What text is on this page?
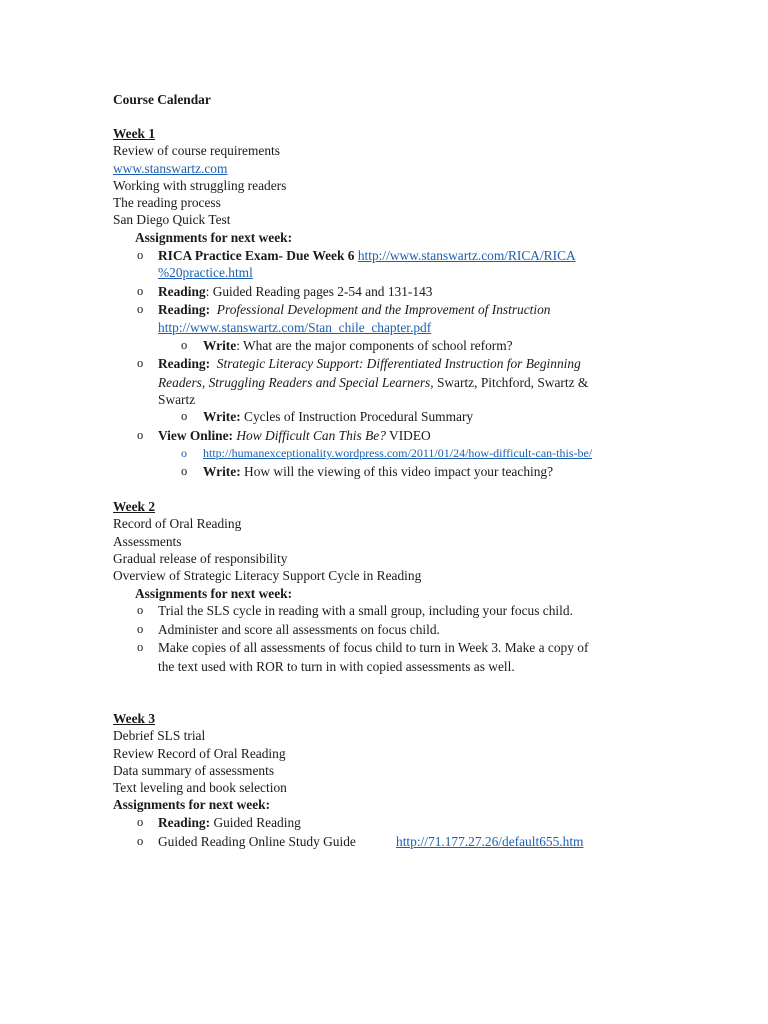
Course Calendar
Week 1
Review of course requirements
www.stanswartz.com
Working with struggling readers
The reading process
San Diego Quick Test
Assignments for next week:
o RICA Practice Exam- Due Week 6 http://www.stanswartz.com/RICA/RICA
%20practice.html
o Reading: Guided Reading pages 2-54 and 131-143
o Reading: Professional Development and the Improvement of Instruction
http://www.stanswartz.com/Stan_chile_chapter.pdf
o Write: What are the major components of school reform?
o Reading: Strategic Literacy Support: Differentiated Instruction for Beginning
Readers, Struggling Readers and Special Learners, Swartz, Pitchford, Swartz &
Swartz
o Write: Cycles of Instruction Procedural Summary
o View Online: How Difficult Can This Be? VIDEO
o http://humanexceptionality.wordpress.com/2011/01/24/how-difficult-can-this-be/
o Write: How will the viewing of this video impact your teaching?
Week 2
Record of Oral Reading
Assessments
Gradual release of responsibility
Overview of Strategic Literacy Support Cycle in Reading
Assignments for next week:
o Trial the SLS cycle in reading with a small group, including your focus child.
o Administer and score all assessments on focus child.
o Make copies of all assessments of focus child to turn in Week 3. Make a copy of
the text used with ROR to turn in with copied assessments as well.
Week 3
Debrief SLS trial
Review Record of Oral Reading
Data summary of assessments
Text leveling and book selection
Assignments for next week:
o Reading: Guided Reading
o Guided Reading Online Study Guide	http://71.177.27.26/default655.htm
